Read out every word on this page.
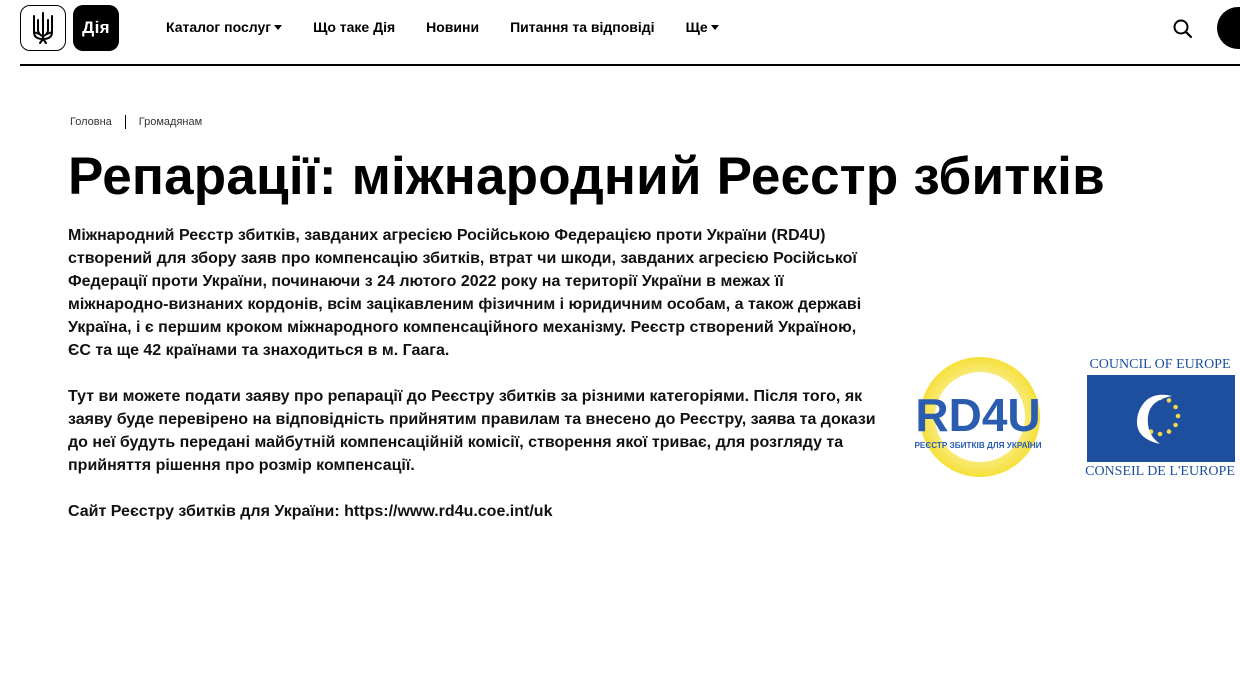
Дія	Каталог послуг	Що таке Дія Новини Питання та відповіді Ще
Головна Громадянам
Репарації: міжнародний Реєстр збитків

Міжнародний Реєстр збитків, завданих агресією Російською Федерацією проти України (RD4U) створений для збору заяв про компенсацію збитків, втрат чи шкоди, завданих агресією Російської Федерації проти України, починаючи з 24 лютого 2022 року на території України в межах її міжнародно-визнаних кордонів, всім зацікавленим фізичним і юридичним особам, а також державі Україна, і є першим кроком міжнародного компенсаційного механізму. Реєстр створений Україною, ЄС та ще 42 країнами та знаходиться в м. Гаага.

Тут ви можете подати заяву про репарації до Реєстру збитків за різними категоріями. Після того, як заяву буде перевірено на відповідність прийнятим правилам та внесено до Реєстру, заява та докази до неї будуть передані майбутній компенсаційній комісії, створення якої триває, для розгляду та прийняття рішення про розмір компенсації.

Сайт Реєстру збитків для України: https://www.rd4u.coe.int/uk

RD4U
РЕЄСТР ЗБИТКІВ ДЛЯ УКРАЇНИ
COUNCIL OF EUROPE
CONSEIL DE L'EUROPE
